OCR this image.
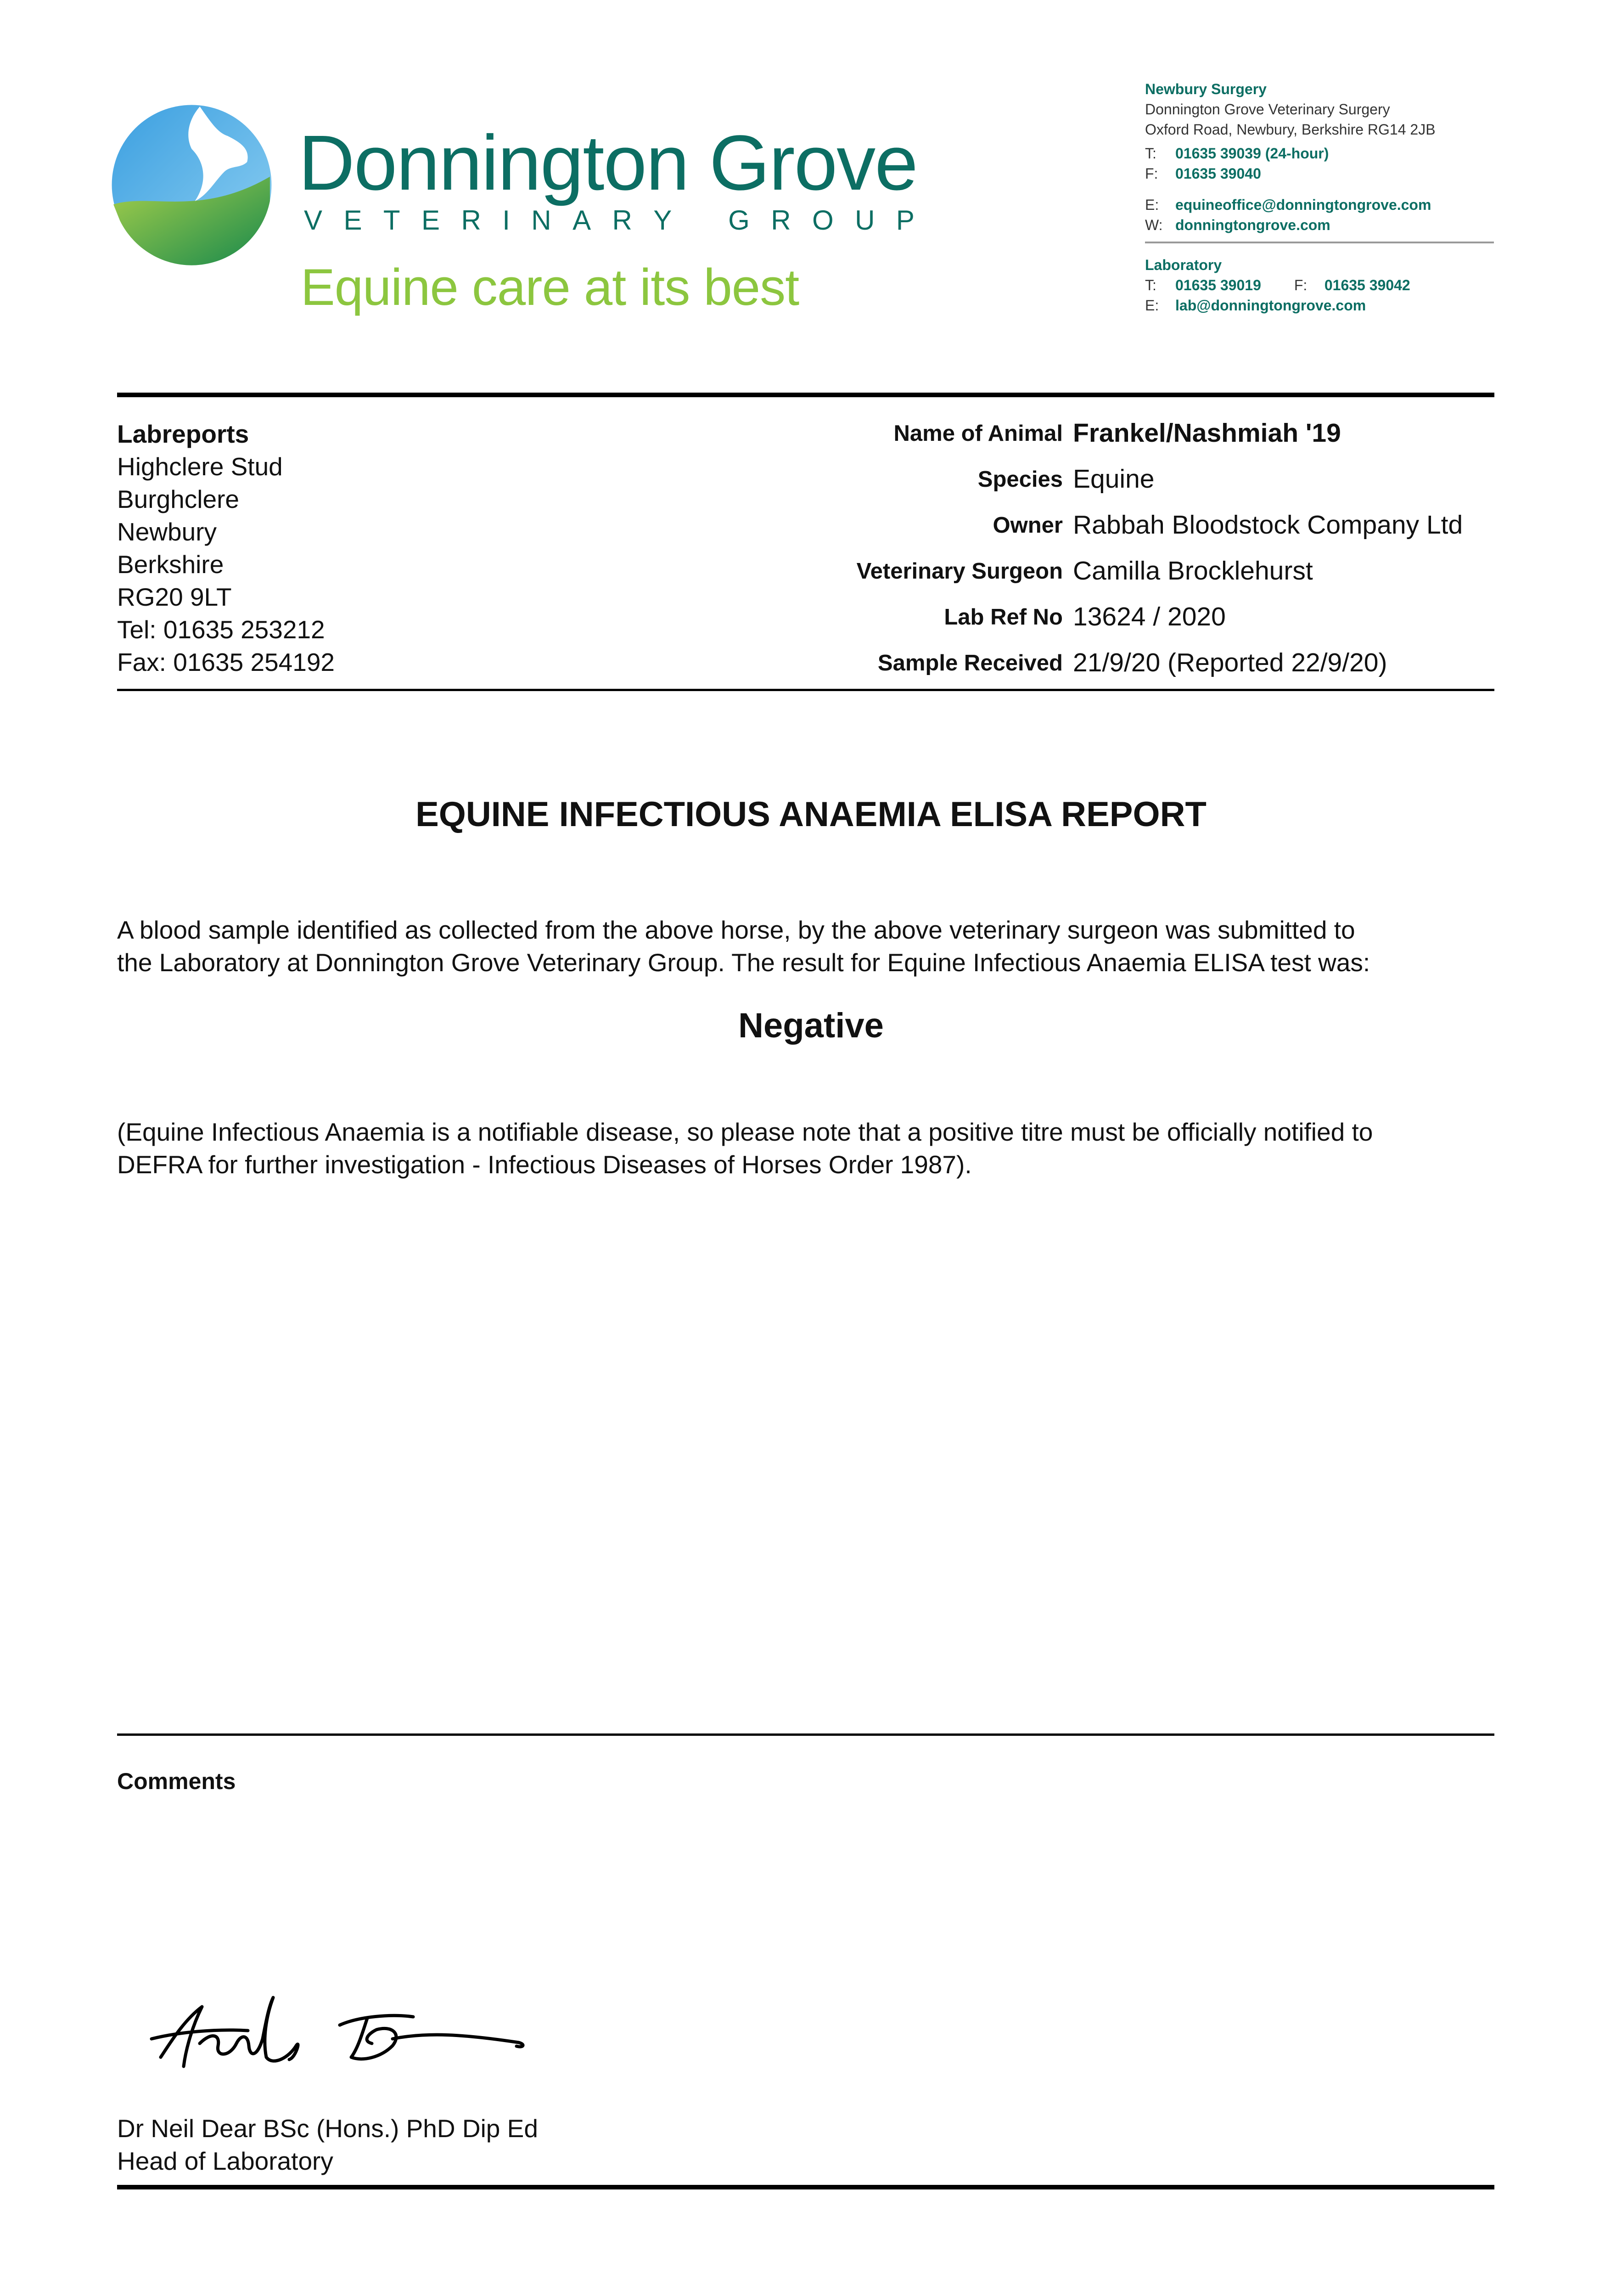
Donnington Grove
V E T E R I N A R Y G R O U P
Equine care at its best
Newbury Surgery
Donnington Grove Veterinary Surgery
Oxford Road, Newbury, Berkshire RG14 2JB
T: 01635 39039 (24-hour)
F: 01635 39040
E: equineoffice@donningtongrove.com
W: donningtongrove.com
Laboratory
T: 01635 39019 F: 01635 39042
E: lab@donningtongrove.com
Labreports
Highclere Stud
Burghclere
Newbury
Berkshire
RG20 9LT
Tel: 01635 253212
Fax: 01635 254192
Name of Animal Frankel/Nashmiah '19
Species Equine
Owner Rabbah Bloodstock Company Ltd
Veterinary Surgeon Camilla Brocklehurst
Lab Ref No 13624 / 2020
Sample Received 21/9/20 (Reported 22/9/20)
EQUINE INFECTIOUS ANAEMIA ELISA REPORT
A blood sample identified as collected from the above horse, by the above veterinary surgeon was submitted to
the Laboratory at Donnington Grove Veterinary Group. The result for Equine Infectious Anaemia ELISA test was:
Negative
(Equine Infectious Anaemia is a notifiable disease, so please note that a positive titre must be officially notified to
DEFRA for further investigation - Infectious Diseases of Horses Order 1987).
Comments
Dr Neil Dear BSc (Hons.) PhD Dip Ed
Head of Laboratory
